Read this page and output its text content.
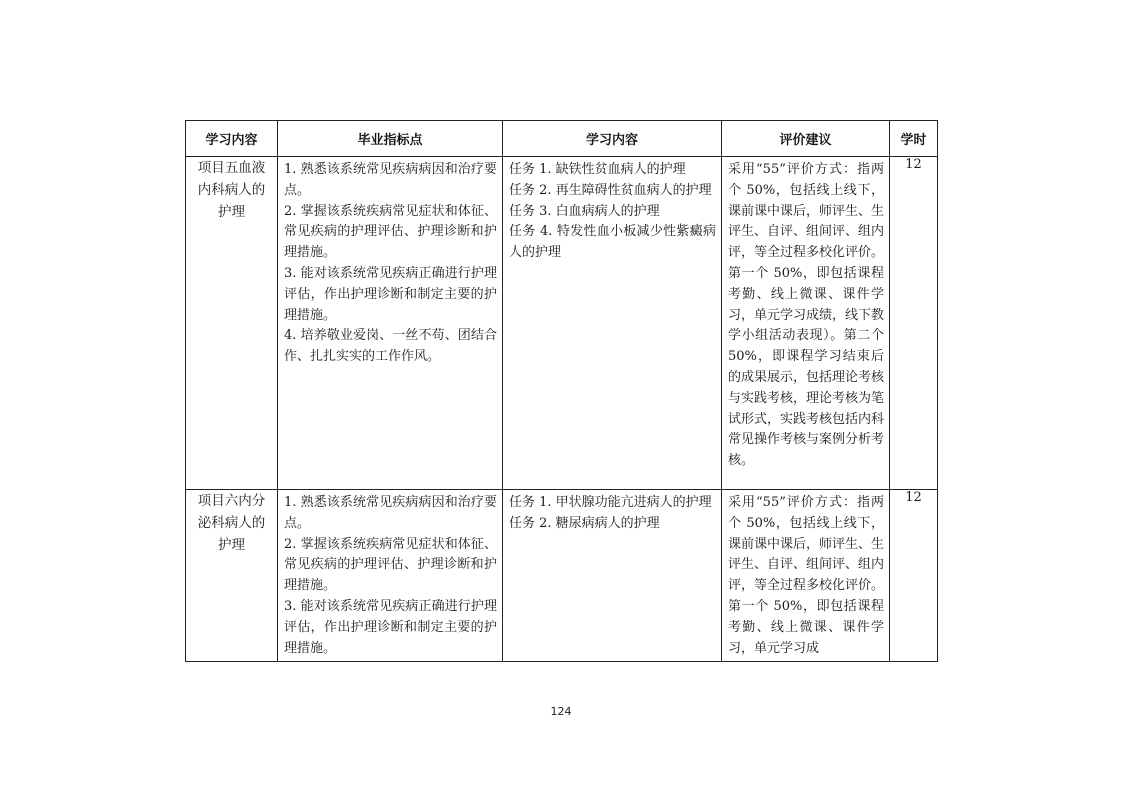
学习内容	毕业指标点	学习内容	评价建议	学时

项目五血液内科病人的护理	1. 熟悉该系统常见疾病病因和治疗要点。
2. 掌握该系统疾病常见症状和体征、常见疾病的护理评估、护理诊断和护理措施。
3. 能对该系统常见疾病正确进行护理评估，作出护理诊断和制定主要的护理措施。
4. 培养敬业爱岗、一丝不苟、团结合作、扎扎实实的工作作风。	任务 1. 缺铁性贫血病人的护理
任务 2. 再生障碍性贫血病人的护理
任务 3. 白血病病人的护理
任务 4. 特发性血小板减少性紫癜病人的护理	采用“55”评价方式：指两个 50%，包括线上线下，课前课中课后，师评生、生评生、自评、组间评、组内评，等全过程多校化评价。第一个 50%，即包括课程考勤、线上微课、课件学习，单元学习成绩，线下教学小组活动表现）。第二个 50%，即课程学习结束后的成果展示，包括理论考核与实践考核，理论考核为笔试形式，实践考核包括内科常见操作考核与案例分析考核。	12

项目六内分泌科病人的护理	1. 熟悉该系统常见疾病病因和治疗要点。
2. 掌握该系统疾病常见症状和体征、常见疾病的护理评估、护理诊断和护理措施。
3. 能对该系统常见疾病正确进行护理评估，作出护理诊断和制定主要的护理措施。	任务 1. 甲状腺功能亢进病人的护理
任务 2. 糖尿病病人的护理	采用“55”评价方式：指两个 50%，包括线上线下，课前课中课后，师评生、生评生、自评、组间评、组内评，等全过程多校化评价。第一个 50%，即包括课程考勤、线上微课、课件学习，单元学习成	12
124
